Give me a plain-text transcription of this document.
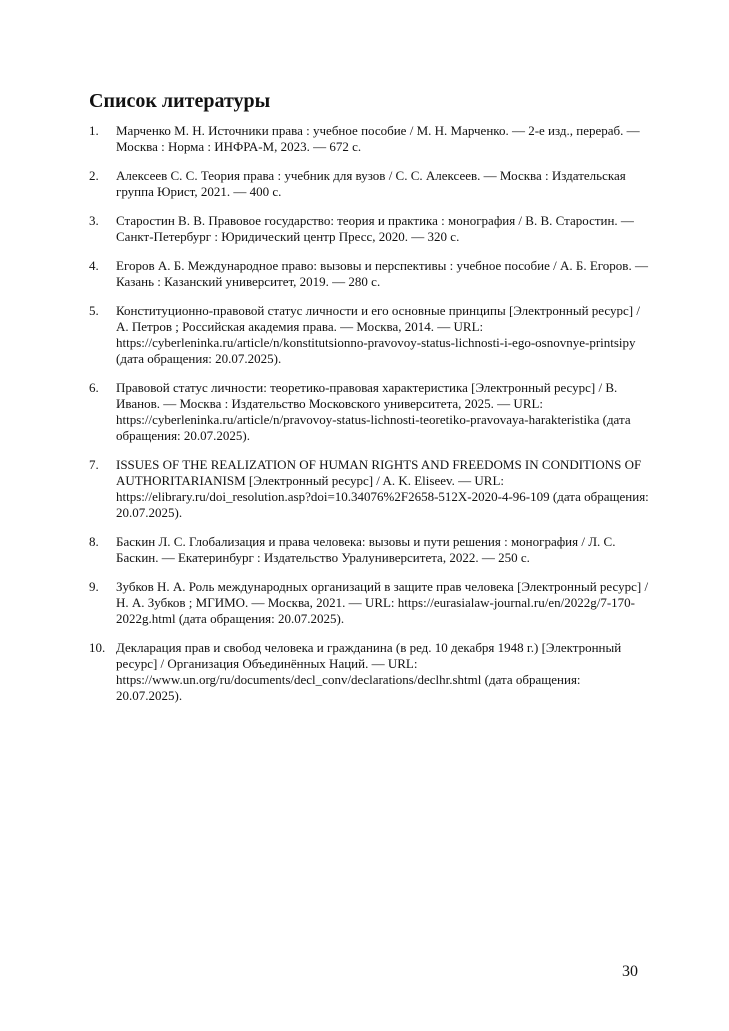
Список литературы
1.	Марченко М. Н. Источники права : учебное пособие / М. Н. Марченко. — 2-е изд., перераб. — Москва : Норма : ИНФРА-М, 2023. — 672 с.
2.	Алексеев С. С. Теория права : учебник для вузов / С. С. Алексеев. — Москва : Издательская группа Юрист, 2021. — 400 с.
3.	Старостин В. В. Правовое государство: теория и практика : монография / В. В. Старостин. — Санкт-Петербург : Юридический центр Пресс, 2020. — 320 с.
4.	Егоров А. Б. Международное право: вызовы и перспективы : учебное пособие / А. Б. Егоров. — Казань : Казанский университет, 2019. — 280 с.
5.	Конституционно-правовой статус личности и его основные принципы [Электронный ресурс] / А. Петров ; Российская академия права. — Москва, 2014. — URL: https://cyberleninka.ru/article/n/konstitutsionno-pravovoy-status-lichnosti-i-ego-osnovnye-printsipy (дата обращения: 20.07.2025).
6.	Правовой статус личности: теоретико-правовая характеристика [Электронный ресурс] / В. Иванов. — Москва : Издательство Московского университета, 2025. — URL: https://cyberleninka.ru/article/n/pravovoy-status-lichnosti-teoretiko-pravovaya-harakteristika (дата обращения: 20.07.2025).
7.	ISSUES OF THE REALIZATION OF HUMAN RIGHTS AND FREEDOMS IN CONDITIONS OF AUTHORITARIANISM [Электронный ресурс] / A. K. Eliseev. — URL: https://elibrary.ru/doi_resolution.asp?doi=10.34076%2F2658-512X-2020-4-96-109 (дата обращения: 20.07.2025).
8.	Баскин Л. С. Глобализация и права человека: вызовы и пути решения : монография / Л. С. Баскин. — Екатеринбург : Издательство Уралуниверситета, 2022. — 250 с.
9.	Зубков Н. А. Роль международных организаций в защите прав человека [Электронный ресурс] / Н. А. Зубков ; МГИМО. — Москва, 2021. — URL: https://eurasialaw-journal.ru/en/2022g/7-170-2022g.html (дата обращения: 20.07.2025).
10. Декларация прав и свобод человека и гражданина (в ред. 10 декабря 1948 г.) [Электронный ресурс] / Организация Объединённых Наций. — URL: https://www.un.org/ru/documents/decl_conv/declarations/declhr.shtml (дата обращения: 20.07.2025).
30
